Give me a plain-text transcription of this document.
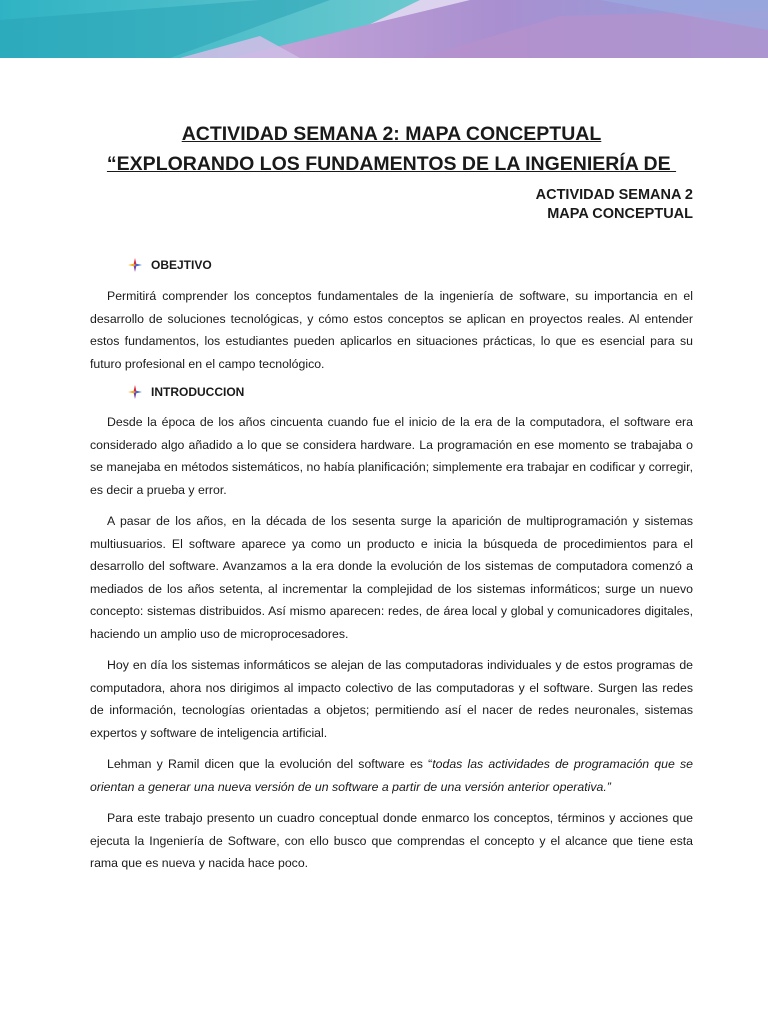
ACTIVIDAD SEMANA 2: MAPA CONCEPTUAL

“EXPLORANDO LOS FUNDAMENTOS DE LA INGENIERÍA DE

ACTIVIDAD SEMANA 2
MAPA CONCEPTUAL
OBEJTIVO

Permitirá comprender los conceptos fundamentales de la ingeniería de software, su importancia en el desarrollo de soluciones tecnológicas, y cómo estos conceptos se aplican en proyectos reales. Al entender estos fundamentos, los estudiantes pueden aplicarlos en situaciones prácticas, lo que es esencial para su futuro profesional en el campo tecnológico.

INTRODUCCION

Desde la época de los años cincuenta cuando fue el inicio de la era de la computadora, el software era considerado algo añadido a lo que se considera hardware. La programación en ese momento se trabajaba o se manejaba en métodos sistemáticos, no había planificación; simplemente era trabajar en codificar y corregir, es decir a prueba y error.

A pasar de los años, en la década de los sesenta surge la aparición de multiprogramación y sistemas multiusuarios. El software aparece ya como un producto e inicia la búsqueda de procedimientos para el desarrollo del software. Avanzamos a la era donde la evolución de los sistemas de computadora comenzó a mediados de los años setenta, al incrementar la complejidad de los sistemas informáticos; surge un nuevo concepto: sistemas distribuidos. Así mismo aparecen: redes, de área local y global y comunicadores digitales, haciendo un amplio uso de microprocesadores.

Hoy en día los sistemas informáticos se alejan de las computadoras individuales y de estos programas de computadora, ahora nos dirigimos al impacto colectivo de las computadoras y el software. Surgen las redes de información, tecnologías orientadas a objetos; permitiendo así el nacer de redes neuronales, sistemas expertos y software de inteligencia artificial.

Lehman y Ramil dicen que la evolución del software es “todas las actividades de programación que se orientan a generar una nueva versión de un software a partir de una versión anterior operativa.”

Para este trabajo presento un cuadro conceptual donde enmarco los conceptos, términos y acciones que ejecuta la Ingeniería de Software, con ello busco que comprendas el concepto y el alcance que tiene esta rama que es nueva y nacida hace poco.
